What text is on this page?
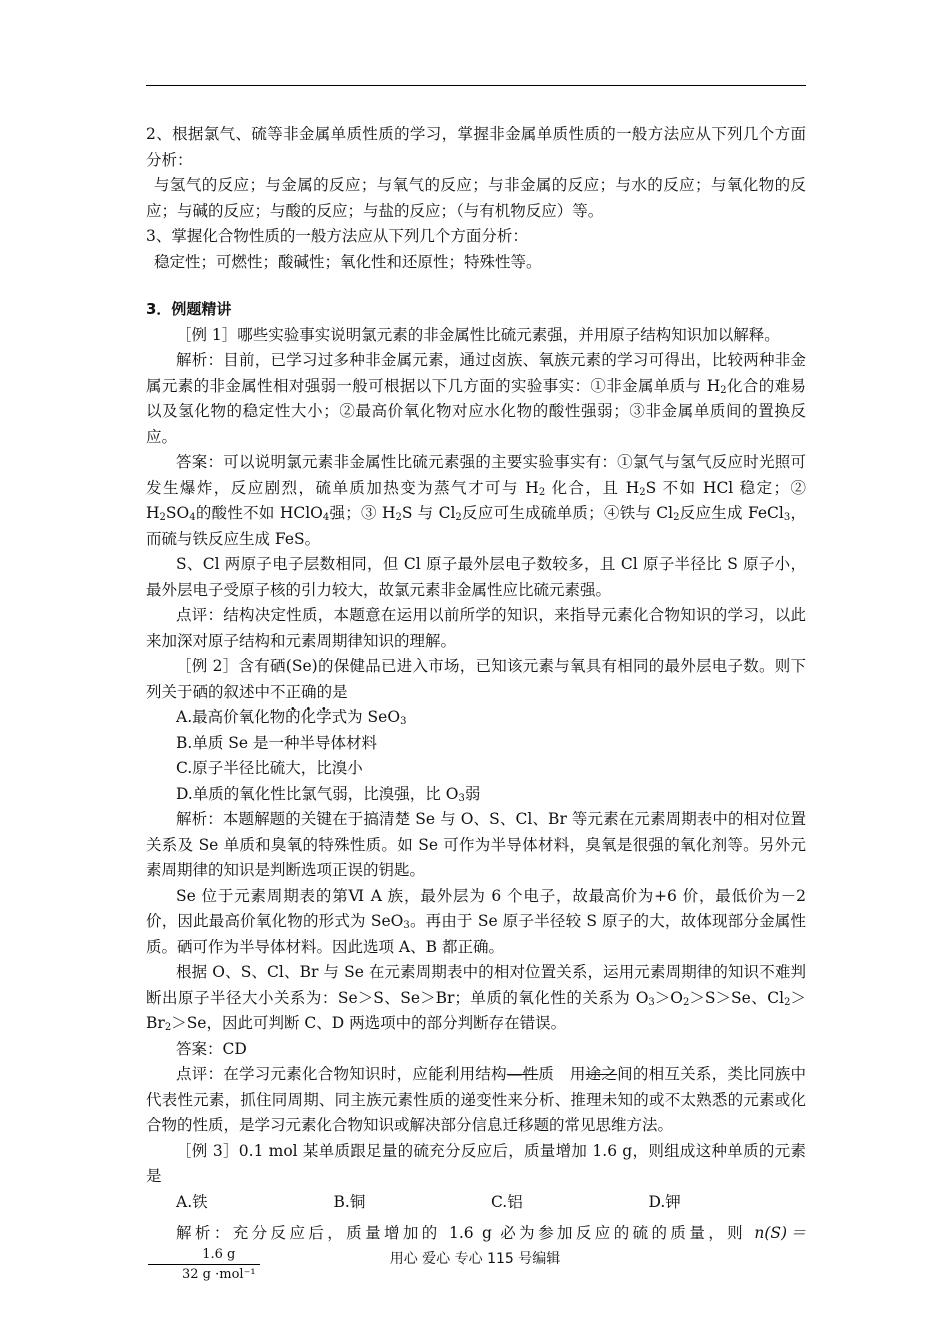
2、根据氯气、硫等非金属单质性质的学习，掌握非金属单质性质的一般方法应从下列几个方面分析：

与氢气的反应；与金属的反应；与氧气的反应；与非金属的反应；与水的反应；与氧化物的反应；与碱的反应；与酸的反应；与盐的反应；（与有机物反应）等。

3、掌握化合物性质的一般方法应从下列几个方面分析：

稳定性；可燃性；酸碱性；氧化性和还原性；特殊性等。

3．例题精讲

［例 1］哪些实验事实说明氯元素的非金属性比硫元素强，并用原子结构知识加以解释。

解析：目前，已学习过多种非金属元素，通过卤族、氧族元素的学习可得出，比较两种非金属元素的非金属性相对强弱一般可根据以下几方面的实验事实：①非金属单质与 $H_2$化合的难易以及氢化物的稳定性大小；②最高价氧化物对应水化物的酸性强弱；③非金属单质间的置换反应。

答案：可以说明氯元素非金属性比硫元素强的主要实验事实有：①氯气与氢气反应时光照可发生爆炸，反应剧烈，硫单质加热变为蒸气才可与 $H_2$ 化合，且 $H_2S$ 不如 HCl 稳定；② $H_2SO_4$的酸性不如 HClO$_4$强；③ $H_2S$ 与 $Cl_2$反应可生成硫单质；④铁与 $Cl_2$反应生成 FeCl$_3$，而硫与铁反应生成 FeS。

S、Cl 两原子电子层数相同，但 Cl 原子最外层电子数较多，且 Cl 原子半径比 S 原子小，最外层电子受原子核的引力较大，故氯元素非金属性应比硫元素强。

点评：结构决定性质，本题意在运用以前所学的知识，来指导元素化合物知识的学习，以此来加深对原子结构和元素周期律知识的理解。

［例 2］含有硒(Se)的保健品已进入市场，已知该元素与氧具有相同的最外层电子数。则下列关于硒的叙述中不正确的是

A.最高价氧化物的化学式为 SeO$_3$

B.单质 Se 是一种半导体材料

C.原子半径比硫大，比溴小

D.单质的氧化性比氯气弱，比溴强，比 $O_3$弱

解析：本题解题的关键在于搞清楚 Se 与 O、S、Cl、Br 等元素在元素周期表中的相对位置关系及 Se 单质和臭氧的特殊性质。如 Se 可作为半导体材料，臭氧是很强的氧化剂等。另外元素周期律的知识是判断选项正误的钥匙。

Se 位于元素周期表的第Ⅵ A 族，最外层为 6 个电子，故最高价为+6 价，最低价为－2 价，因此最高价氧化物的形式为 SeO$_3$。再由于 Se 原子半径较 S 原子的大，故体现部分金属性质。硒可作为半导体材料。因此选项 A、B 都正确。

根据 O、S、Cl、Br 与 Se 在元素周期表中的相对位置关系，运用元素周期律的知识不难判断出原子半径大小关系为：Se＞S、Se＞Br；单质的氧化性的关系为 $O_3>O_2>S>Se$、$Cl_2>Br_2>Se$，因此可判断 C、D 两选项中的部分判断存在错误。

答案：CD

点评：在学习元素化合物知识时，应能利用结构—性质　用途之间的相互关系，类比同族中代表性元素，抓住同周期、同主族元素性质的递变性来分析、推理未知的或不太熟悉的元素或化合物的性质，是学习元素化合物知识或解决部分信息迁移题的常见思维方法。

［例 3］0.1 mol 某单质跟足量的硫充分反应后，质量增加 1.6 g，则组成这种单质的元素是

A.铁	B.铜	C.铝	D.钾

解析：充分反应后，质量增加的 1.6 g 必为参加反应的硫的质量，则 n(S)＝
$\frac{1.6 g}{\text{32 g ·mol⁻¹}}$	用心 爱心 专心 115 号编辑
